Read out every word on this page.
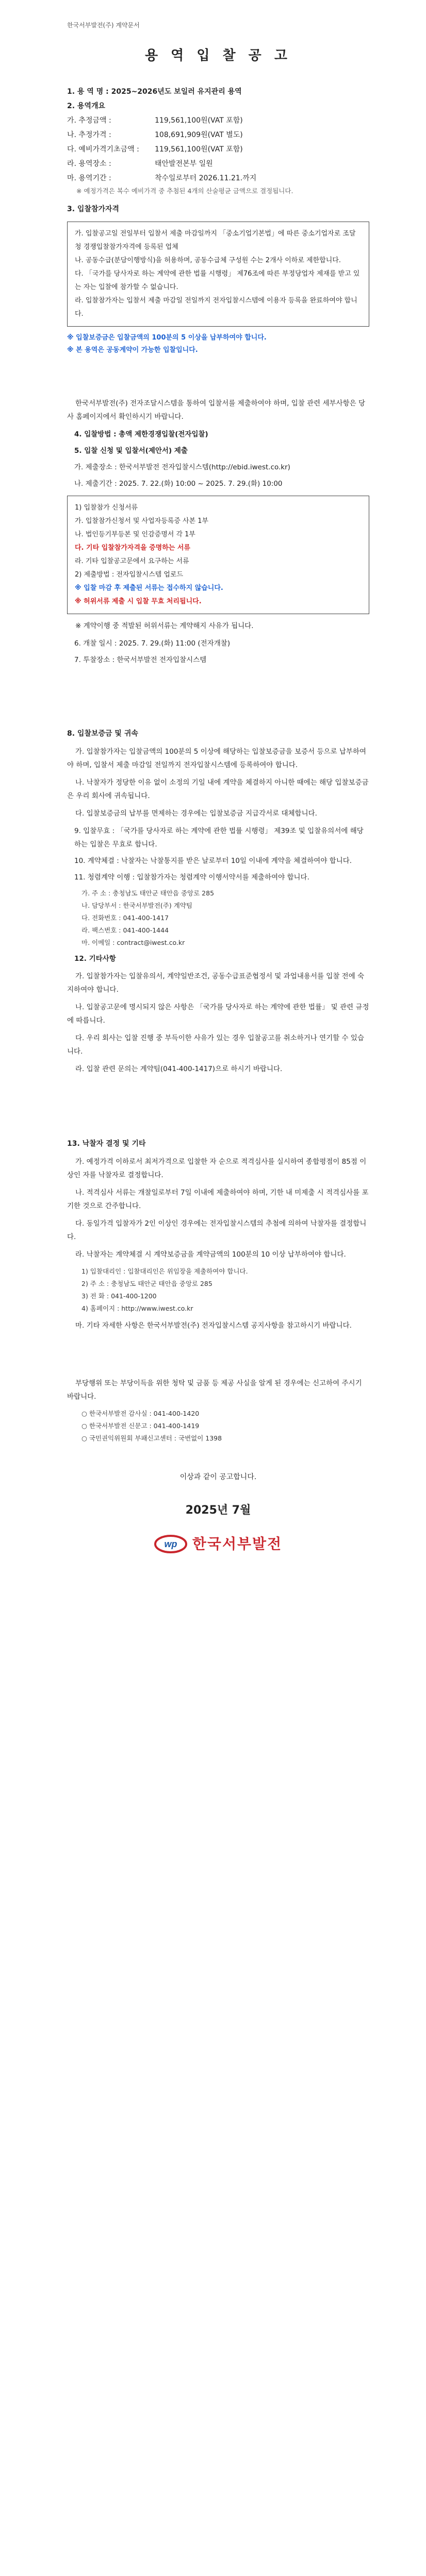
한국서부발전(주) 계약문서
용 역 입 찰 공 고
1. 용 역 명 : 2025~2026년도 보일러 유지관리 용역
2. 용역개요
가. 추정금액 :	119,561,100원(VAT 포함)
나. 추정가격 :	108,691,909원(VAT 별도)
다. 예비가격기초금액 :	119,561,100원(VAT 포함)
라. 용역장소 :	태안발전본부 일원
마. 용역기간 :	착수일로부터 2026.11.21.까지
※ 예정가격은 복수 예비가격 중 추첨된 4개의 산술평균 금액으로 결정됩니다.
3. 입찰참가자격

가. 입찰공고일 전일부터 입찰서 제출 마감일까지 「중소기업기본법」에 따른 중소기업자로 조달청 경쟁입찰참가자격에 등록된 업체

나. 공동수급(분담이행방식)을 허용하며, 공동수급체 구성원 수는 2개사 이하로 제한합니다.

다. 「국가를 당사자로 하는 계약에 관한 법률 시행령」 제76조에 따른 부정당업자 제재를 받고 있는 자는 입찰에 참가할 수 없습니다.

라. 입찰참가자는 입찰서 제출 마감일 전일까지 전자입찰시스템에 이용자 등록을 완료하여야 합니다.

※ 입찰보증금은 입찰금액의 100분의 5 이상을 납부하여야 합니다.
※ 본 용역은 공동계약이 가능한 입찰입니다.
한국서부발전(주) 전자조달시스템을 통하여 입찰서를 제출하여야 하며, 입찰 관련 세부사항은 당사 홈페이지에서 확인하시기 바랍니다.
4. 입찰방법 : 총액 제한경쟁입찰(전자입찰)
5. 입찰 신청 및 입찰서(제안서) 제출
가. 제출장소 : 한국서부발전 전자입찰시스템(http://ebid.iwest.co.kr)
나. 제출기간 : 2025. 7. 22.(화) 10:00 ~ 2025. 7. 29.(화) 10:00

1) 입찰참가 신청서류

가. 입찰참가신청서 및 사업자등록증 사본 1부

나. 법인등기부등본 및 인감증명서 각 1부

다. 기타 입찰참가자격을 증명하는 서류

라. 기타 입찰공고문에서 요구하는 서류

2) 제출방법 : 전자입찰시스템 업로드

※ 입찰 마감 후 제출된 서류는 접수하지 않습니다.

※ 허위서류 제출 시 입찰 무효 처리됩니다.

※ 계약이행 중 적발된 허위서류는 계약해지 사유가 됩니다.
6. 개찰 일시 : 2025. 7. 29.(화) 11:00 (전자개찰)
7. 투찰장소 : 한국서부발전 전자입찰시스템
8. 입찰보증금 및 귀속
가. 입찰참가자는 입찰금액의 100분의 5 이상에 해당하는 입찰보증금을 보증서 등으로 납부하여야 하며, 입찰서 제출 마감일 전일까지 전자입찰시스템에 등록하여야 합니다.
나. 낙찰자가 정당한 이유 없이 소정의 기일 내에 계약을 체결하지 아니한 때에는 해당 입찰보증금은 우리 회사에 귀속됩니다.
다. 입찰보증금의 납부를 면제하는 경우에는 입찰보증금 지급각서로 대체합니다.
9. 입찰무효 : 「국가를 당사자로 하는 계약에 관한 법률 시행령」 제39조 및 입찰유의서에 해당하는 입찰은 무효로 합니다.
10. 계약체결 : 낙찰자는 낙찰통지를 받은 날로부터 10일 이내에 계약을 체결하여야 합니다.
11. 청렴계약 이행 : 입찰참가자는 청렴계약 이행서약서를 제출하여야 합니다.
가. 주 소 : 충청남도 태안군 태안읍 중앙로 285
나. 담당부서 : 한국서부발전(주) 계약팀
다. 전화번호 : 041-400-1417
라. 팩스번호 : 041-400-1444
마. 이메일 : contract@iwest.co.kr
12. 기타사항
가. 입찰참가자는 입찰유의서, 계약일반조건, 공동수급표준협정서 및 과업내용서를 입찰 전에 숙지하여야 합니다.
나. 입찰공고문에 명시되지 않은 사항은 「국가를 당사자로 하는 계약에 관한 법률」 및 관련 규정에 따릅니다.
다. 우리 회사는 입찰 진행 중 부득이한 사유가 있는 경우 입찰공고를 취소하거나 연기할 수 있습니다.
라. 입찰 관련 문의는 계약팀(041-400-1417)으로 하시기 바랍니다.
13. 낙찰자 결정 및 기타
가. 예정가격 이하로서 최저가격으로 입찰한 자 순으로 적격심사를 실시하여 종합평점이 85점 이상인 자를 낙찰자로 결정합니다.
나. 적격심사 서류는 개찰일로부터 7일 이내에 제출하여야 하며, 기한 내 미제출 시 적격심사를 포기한 것으로 간주합니다.
다. 동일가격 입찰자가 2인 이상인 경우에는 전자입찰시스템의 추첨에 의하여 낙찰자를 결정합니다.
라. 낙찰자는 계약체결 시 계약보증금을 계약금액의 100분의 10 이상 납부하여야 합니다.
1) 입찰대리인 : 입찰대리인은 위임장을 제출하여야 합니다.
2) 주 소 : 충청남도 태안군 태안읍 중앙로 285
3) 전 화 : 041-400-1200
4) 홈페이지 : http://www.iwest.co.kr
마. 기타 자세한 사항은 한국서부발전(주) 전자입찰시스템 공지사항을 참고하시기 바랍니다.
부당행위 또는 부당이득을 위한 청탁 및 금품 등 제공 사실을 알게 된 경우에는 신고하여 주시기 바랍니다.
○ 한국서부발전 감사실 : 041-400-1420
○ 한국서부발전 신문고 : 041-400-1419
○ 국민권익위원회 부패신고센터 : 국번없이 1398
이상과 같이 공고합니다.
2025년 7월
wp 한국서부발전
